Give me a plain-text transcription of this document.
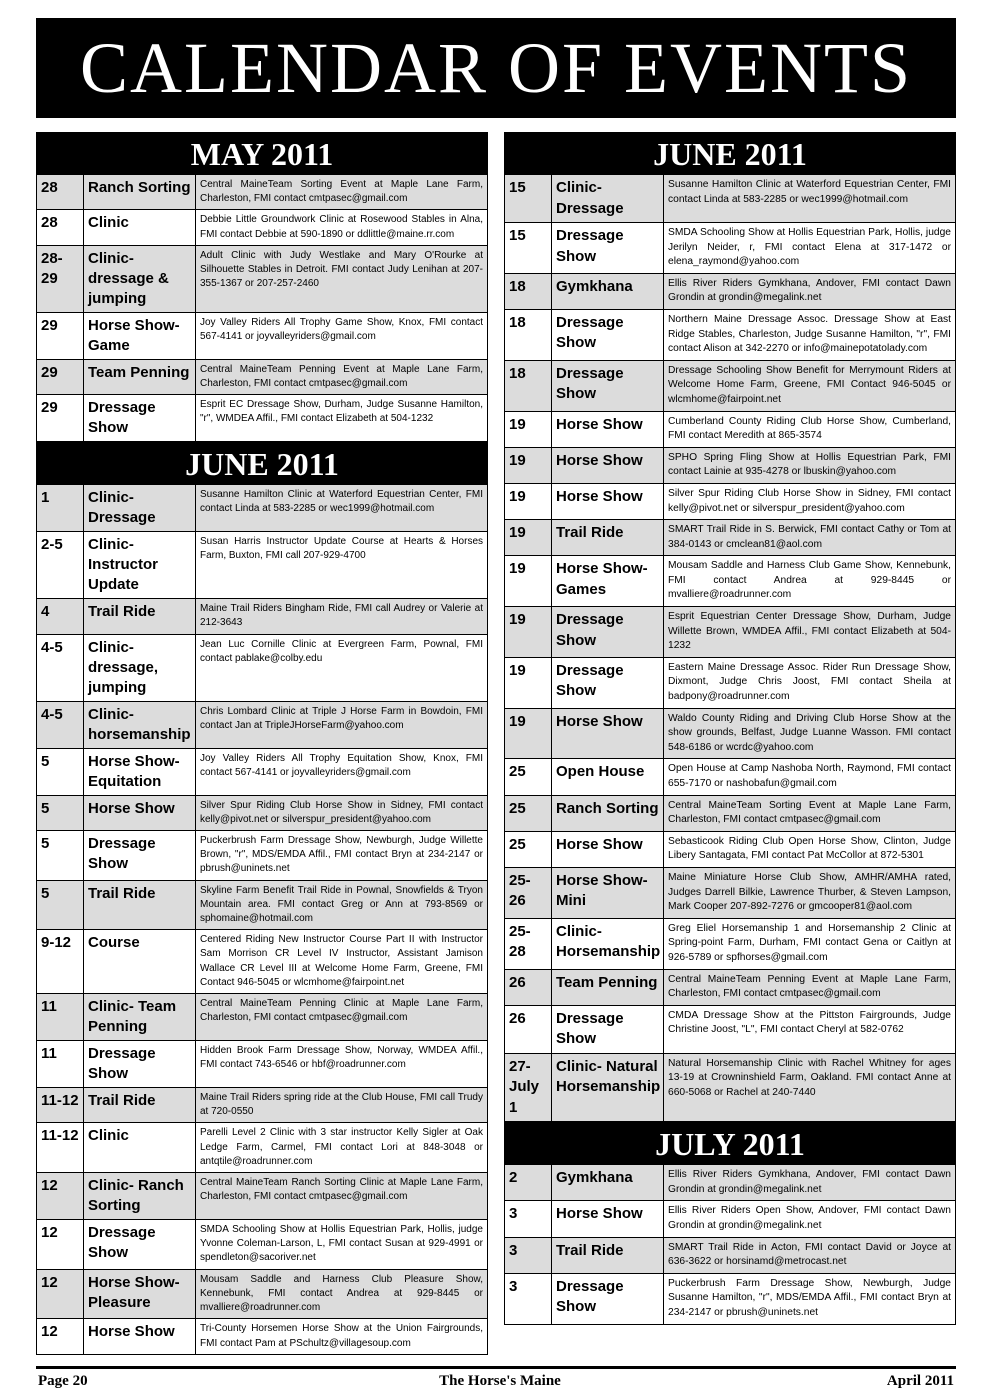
CALENDAR OF EVENTS
MAY 2011
28	Ranch Sorting	Central MaineTeam Sorting Event at Maple Lane Farm, Charleston, FMI contact cmtpasec@gmail.com
28	Clinic	Debbie Little Groundwork Clinic at Rosewood Stables in Alna, FMI contact Debbie at 590-1890 or ddlittle@maine.rr.com
28-29	Clinic- dressage & jumping	Adult Clinic with Judy Westlake and Mary O'Rourke at Silhouette Stables in Detroit. FMI contact Judy Lenihan at 207-355-1367 or 207-257-2460
29	Horse Show- Game	Joy Valley Riders All Trophy Game Show, Knox, FMI contact 567-4141 or joyvalleyriders@gmail.com
29	Team Penning	Central MaineTeam Penning Event at Maple Lane Farm, Charleston, FMI contact cmtpasec@gmail.com
29	Dressage Show	Esprit EC Dressage Show, Durham, Judge Susanne Hamilton, "r", WMDEA Affil., FMI contact Elizabeth at 504-1232
JUNE 2011
1	Clinic- Dressage	Susanne Hamilton Clinic at Waterford Equestrian Center, FMI contact Linda at 583-2285 or wec1999@hotmail.com
2-5	Clinic- Instructor Update	Susan Harris Instructor Update Course at Hearts & Horses Farm, Buxton, FMI call 207-929-4700
4	Trail Ride	Maine Trail Riders Bingham Ride, FMI call Audrey or Valerie at 212-3643
4-5	Clinic- dressage, jumping	Jean Luc Cornille Clinic at Evergreen Farm, Pownal, FMI contact pablake@colby.edu
4-5	Clinic- horsemanship	Chris Lombard Clinic at Triple J Horse Farm in Bowdoin, FMI contact Jan at TripleJHorseFarm@yahoo.com
5	Horse Show- Equitation	Joy Valley Riders All Trophy Equitation Show, Knox, FMI contact 567-4141 or joyvalleyriders@gmail.com
5	Horse Show	Silver Spur Riding Club Horse Show in Sidney, FMI contact kelly@pivot.net or silverspur_president@yahoo.com
5	Dressage Show	Puckerbrush Farm Dressage Show, Newburgh, Judge Willette Brown, "r", MDS/EMDA Affil., FMI contact Bryn at 234-2147 or pbrush@uninets.net
5	Trail Ride	Skyline Farm Benefit Trail Ride in Pownal, Snowfields & Tryon Mountain area. FMI contact Greg or Ann at 793-8569 or sphomaine@hotmail.com
9-12	Course	Centered Riding New Instructor Course Part II with Instructor Sam Morrison CR Level IV Instructor, Assistant Jamison Wallace CR Level III at Welcome Home Farm, Greene, FMI Contact 946-5045 or wlcmhome@fairpoint.net
11	Clinic- Team Penning	Central MaineTeam Penning Clinic at Maple Lane Farm, Charleston, FMI contact cmtpasec@gmail.com
11	Dressage Show	Hidden Brook Farm Dressage Show, Norway, WMDEA Affil., FMI contact 743-6546 or hbf@roadrunner.com
11-12	Trail Ride	Maine Trail Riders spring ride at the Club House, FMI call Trudy at 720-0550
11-12	Clinic	Parelli Level 2 Clinic with 3 star instructor Kelly Sigler at Oak Ledge Farm, Carmel, FMI contact Lori at 848-3048 or antqtile@roadrunner.com
12	Clinic- Ranch Sorting	Central MaineTeam Ranch Sorting Clinic at Maple Lane Farm, Charleston, FMI contact cmtpasec@gmail.com
12	Dressage Show	SMDA Schooling Show at Hollis Equestrian Park, Hollis, judge Yvonne Coleman-Larson, L, FMI contact Susan at 929-4991 or spendleton@sacoriver.net
12	Horse Show- Pleasure	Mousam Saddle and Harness Club Pleasure Show, Kennebunk, FMI contact Andrea at 929-8445 or mvalliere@roadrunner.com
12	Horse Show	Tri-County Horsemen Horse Show at the Union Fairgrounds, FMI contact Pam at PSchultz@villagesoup.com
JUNE 2011
15	Clinic- Dressage	Susanne Hamilton Clinic at Waterford Equestrian Center, FMI contact Linda at 583-2285 or wec1999@hotmail.com
15	Dressage Show	SMDA Schooling Show at Hollis Equestrian Park, Hollis, judge Jerilyn Neider, r, FMI contact Elena at 317-1472 or elena_raymond@yahoo.com
18	Gymkhana	Ellis River Riders Gymkhana, Andover, FMI contact Dawn Grondin at grondin@megalink.net
18	Dressage Show	Northern Maine Dressage Assoc. Dressage Show at East Ridge Stables, Charleston, Judge Susanne Hamilton, "r", FMI contact Alison at 342-2270 or info@mainepotatolady.com
18	Dressage Show	Dressage Schooling Show Benefit for Merrymount Riders at Welcome Home Farm, Greene, FMI Contact 946-5045 or wlcmhome@fairpoint.net
19	Horse Show	Cumberland County Riding Club Horse Show, Cumberland, FMI contact Meredith at 865-3574
19	Horse Show	SPHO Spring Fling Show at Hollis Equestrian Park, FMI contact Lainie at 935-4278 or lbuskin@yahoo.com
19	Horse Show	Silver Spur Riding Club Horse Show in Sidney, FMI contact kelly@pivot.net or silverspur_president@yahoo.com
19	Trail Ride	SMART Trail Ride in S. Berwick, FMI contact Cathy or Tom at 384-0143 or cmclean81@aol.com
19	Horse Show- Games	Mousam Saddle and Harness Club Game Show, Kennebunk, FMI contact Andrea at 929-8445 or mvalliere@roadrunner.com
19	Dressage Show	Esprit Equestrian Center Dressage Show, Durham, Judge Willette Brown, WMDEA Affil., FMI contact Elizabeth at 504-1232
19	Dressage Show	Eastern Maine Dressage Assoc. Rider Run Dressage Show, Dixmont, Judge Chris Joost, FMI contact Sheila at badpony@roadrunner.com
19	Horse Show	Waldo County Riding and Driving Club Horse Show at the show grounds, Belfast, Judge Luanne Wasson. FMI contact 548-6186 or wcrdc@yahoo.com
25	Open House	Open House at Camp Nashoba North, Raymond, FMI contact 655-7170 or nashobafun@gmail.com
25	Ranch Sorting	Central MaineTeam Sorting Event at Maple Lane Farm, Charleston, FMI contact cmtpasec@gmail.com
25	Horse Show	Sebasticook Riding Club Open Horse Show, Clinton, Judge Libery Santagata, FMI contact Pat McCollor at 872-5301
25-26	Horse Show- Mini	Maine Miniature Horse Club Show, AMHR/AMHA rated, Judges Darrell Bilkie, Lawrence Thurber, & Steven Lampson, Mark Cooper 207-892-7276 or gmcooper81@aol.com
25-28	Clinic- Horsemanship	Greg Eliel Horsemanship 1 and Horsemanship 2 Clinic at Spring-point Farm, Durham, FMI contact Gena or Caitlyn at 926-5789 or spfhorses@gmail.com
26	Team Penning	Central MaineTeam Penning Event at Maple Lane Farm, Charleston, FMI contact cmtpasec@gmail.com
26	Dressage Show	CMDA Dressage Show at the Pittston Fairgrounds, Judge Christine Joost, "L", FMI contact Cheryl at 582-0762
27-July 1	Clinic- Natural Horsemanship	Natural Horsemanship Clinic with Rachel Whitney for ages 13-19 at Crowninshield Farm, Oakland. FMI contact Anne at 660-5068 or Rachel at 240-7440
JULY 2011
2	Gymkhana	Ellis River Riders Gymkhana, Andover, FMI contact Dawn Grondin at grondin@megalink.net
3	Horse Show	Ellis River Riders Open Show, Andover, FMI contact Dawn Grondin at grondin@megalink.net
3	Trail Ride	SMART Trail Ride in Acton, FMI contact David or Joyce at 636-3622 or horsinamd@metrocast.net
3	Dressage Show	Puckerbrush Farm Dressage Show, Newburgh, Judge Susanne Hamilton, "r", MDS/EMDA Affil., FMI contact Bryn at 234-2147 or pbrush@uninets.net
Page 20	The Horse's Maine	April 2011
